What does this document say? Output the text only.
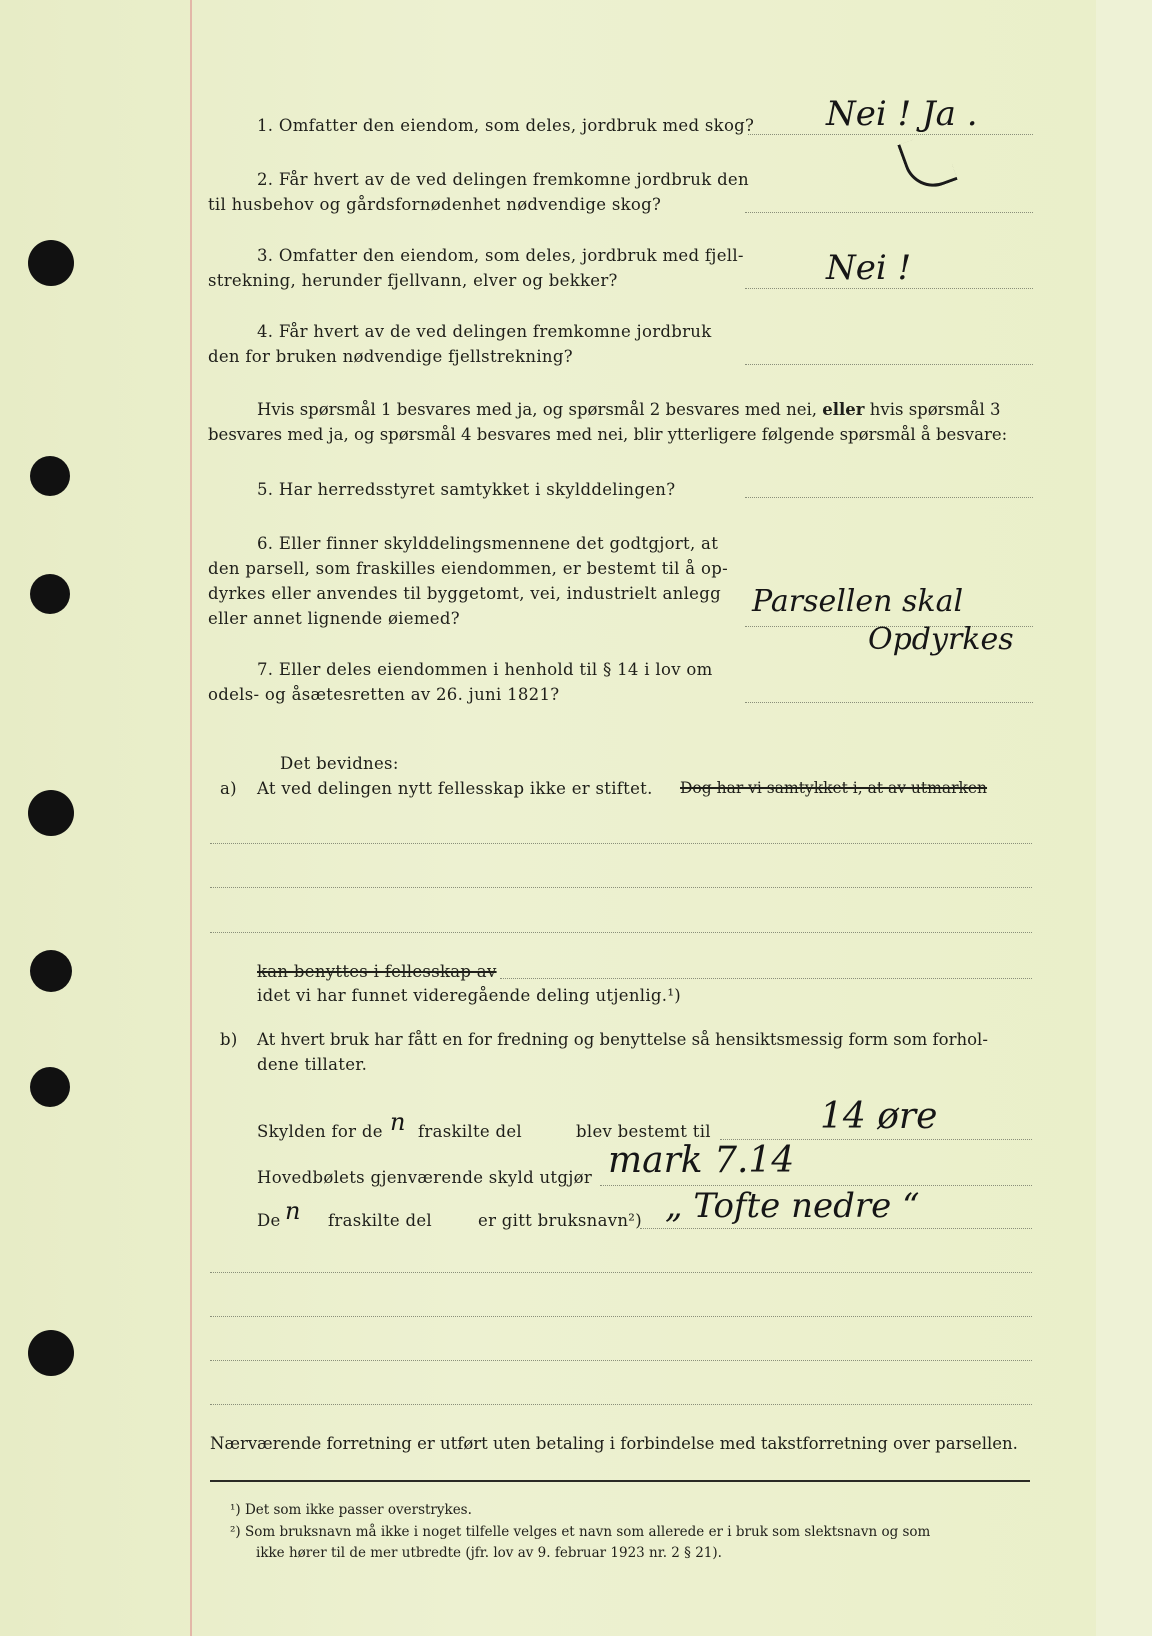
1. Omfatter den eiendom, som deles, jordbruk med skog? Nei ! Ja .
2. Får hvert av de ved delingen fremkomne jordbruk den
til husbehov og gårdsfornødenhet nødvendige skog?
3. Omfatter den eiendom, som deles, jordbruk med fjell-
strekning, herunder fjellvann, elver og bekker?	Nei !
4. Får hvert av de ved delingen fremkomne jordbruk
den for bruken nødvendige fjellstrekning?
Hvis spørsmål 1 besvares med ja, og spørsmål 2 besvares med nei, eller hvis spørsmål 3
besvares med ja, og spørsmål 4 besvares med nei, blir ytterligere følgende spørsmål å besvare:
5. Har herredsstyret samtykket i skylddelingen?
6. Eller finner skylddelingsmennene det godtgjort, at
den parsell, som fraskilles eiendommen, er bestemt til å op-
dyrkes eller anvendes til byggetomt, vei, industrielt anlegg
eller annet lignende øiemed?	Parsellen skal
Opdyrkes
7. Eller deles eiendommen i henhold til § 14 i lov om
odels- og åsætesretten av 26. juni 1821?
Det bevidnes:
a) At ved delingen nytt fellesskap ikke er stiftet. Dog har vi samtykket i, at av utmarken
kan benyttes i fellesskap av
idet vi har funnet videregående deling utjenlig.¹)
b) At hvert bruk har fått en for fredning og benyttelse så hensiktsmessig form som forhol-
dene tillater.
Skylden for de n fraskilte del	blev bestemt til	14 øre
Hovedbølets gjenværende skyld utgjør mark 7.14
De n fraskilte del	er gitt bruksnavn²) „ Tofte nedre “
Nærværende forretning er utført uten betaling i forbindelse med takstforretning over parsellen.
¹) Det som ikke passer overstrykes.
²) Som bruksnavn må ikke i noget tilfelle velges et navn som allerede er i bruk som slektsnavn og som
ikke hører til de mer utbredte (jfr. lov av 9. februar 1923 nr. 2 § 21).
